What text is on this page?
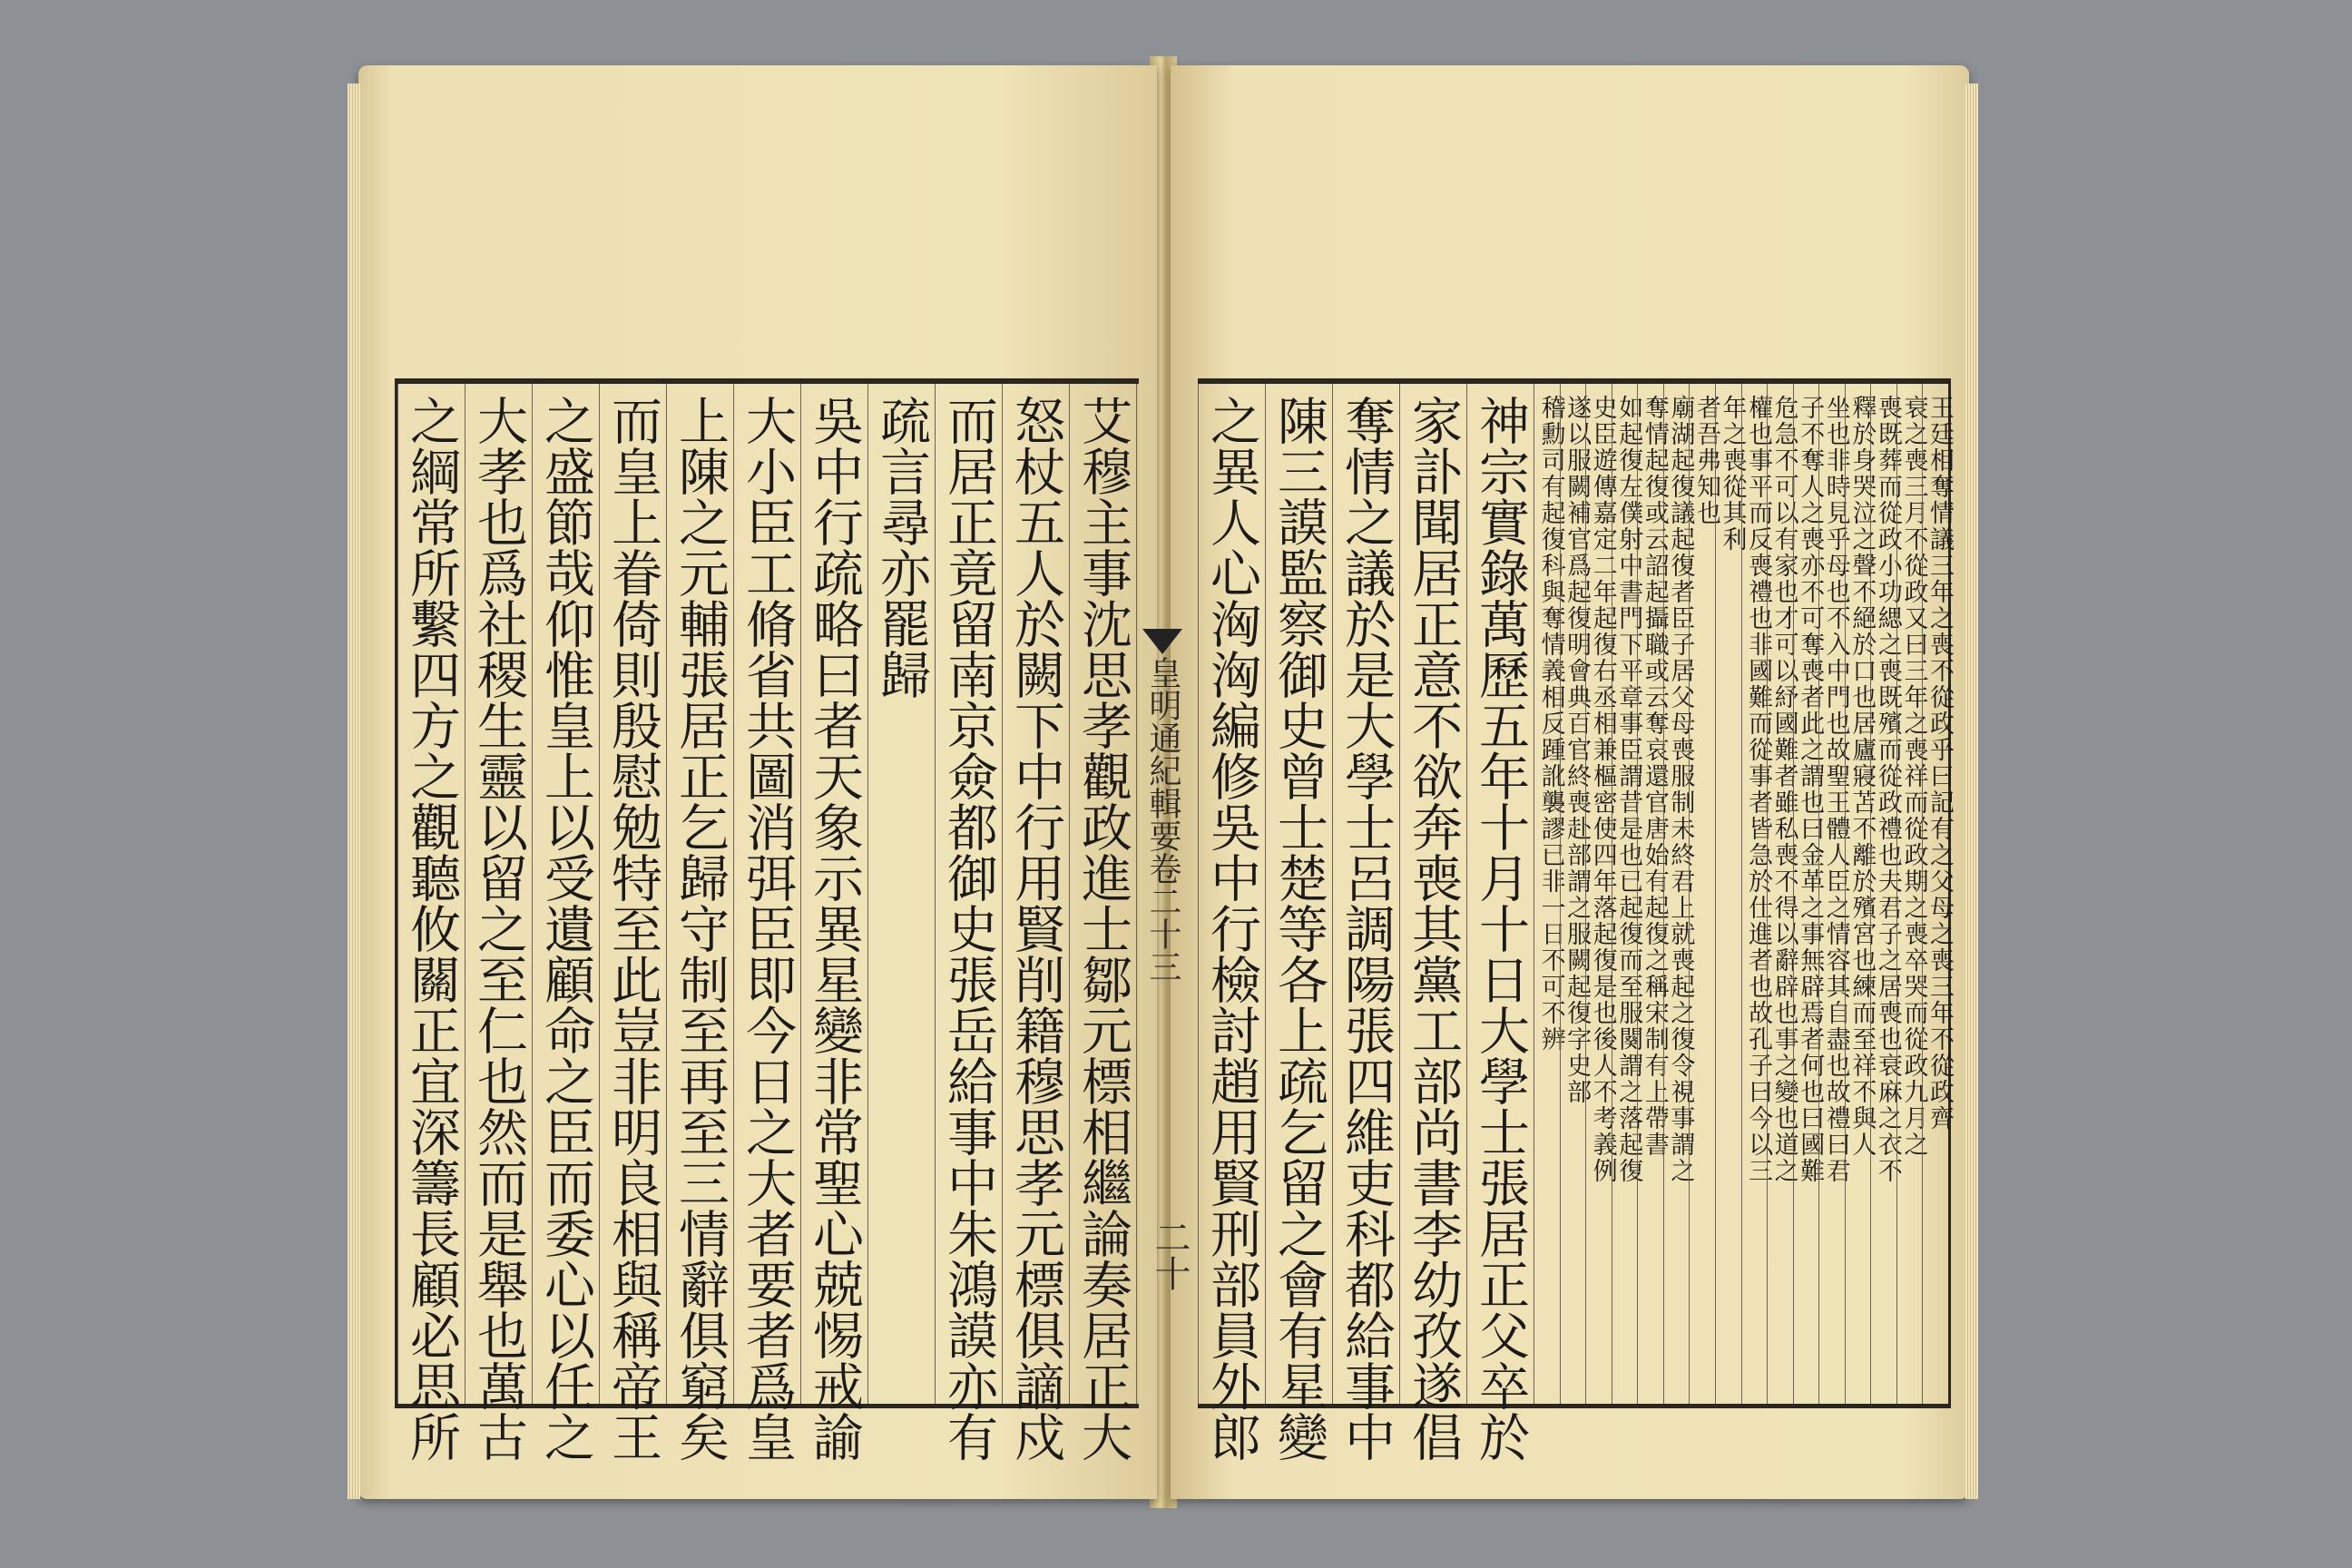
皇明通紀輯要卷二十三
二十
艾穆主事沈思孝觀政進士鄒元標相繼論奏居正大
怒杖五人於闕下中行用賢削籍穆思孝元標俱謫戍
而居正竟留南京僉都御史張岳給事中朱鴻謨亦有
疏言尋亦罷歸
吳中行疏略曰者天象示異星變非常聖心兢惕戒諭
大小臣工脩省共圖消弭臣即今日之大者要者爲皇
上陳之元輔張居正乞歸守制至再至三情辭俱窮矣
而皇上眷倚則殷慰勉特至此豈非明良相與稱帝王
之盛節哉仰惟皇上以受遺顧命之臣而委心以任之
大孝也爲社稷生靈以留之至仁也然而是舉也萬古
之綱常所繫四方之觀聽攸關正宜深籌長顧必思所	王廷相奪情議三年之喪不從政乎曰記有之父母之喪三年不從政齊
衰之喪三月不從政又曰三年之喪祥而從政期之喪卒哭而從政九月之
喪既葬而從政小功緦之喪既殯而從政禮也夫君子之居喪也衰麻之衣不
釋於身哭泣之聲不絕於口也居廬寢苫不離於殯宮也練而至祥不與人
坐也非時見乎母也不入中門也故聖王體人臣之情容其自盡也故禮曰君
子不奪人之喪亦不可奪喪者此之謂也曰金革之事無辟焉者何也曰國難
危急不可以有家也才可以紓國難者雖私喪不得以辭辟也事之變也道之
權也事平而反喪禮也非國難而從事者皆急於仕進者也故孔子曰今以三
年之喪從其利
者吾弗知也
廟湖起復議起復者臣子居父母喪服制未終君上就喪起之復令視事謂之
奪情起復或云詔起攝職或云奪哀還官唐始有起復之稱宋制有上帶書
如起復左僕射中書門下平章事臣謂昔是也已起復而至服闋謂之落起復
史臣遊傳嘉定二年起復右丞相兼樞密使四年落起復是也後人不考義例
遂以服闕補官爲起復明會典百官終喪赴部謂之服闕起復字史部
稽勳司有起復科與奪情義相反踵訛襲謬已非一日不可不辨
神宗實錄萬歷五年十月十日大學士張居正父卒於
家訃聞居正意不欲奔喪其黨工部尚書李幼孜遂倡
奪情之議於是大學士呂調陽張四維吏科都給事中
陳三謨監察御史曾士楚等各上疏乞留之會有星變
之異人心洶洶編修吳中行檢討趙用賢刑部員外郎
